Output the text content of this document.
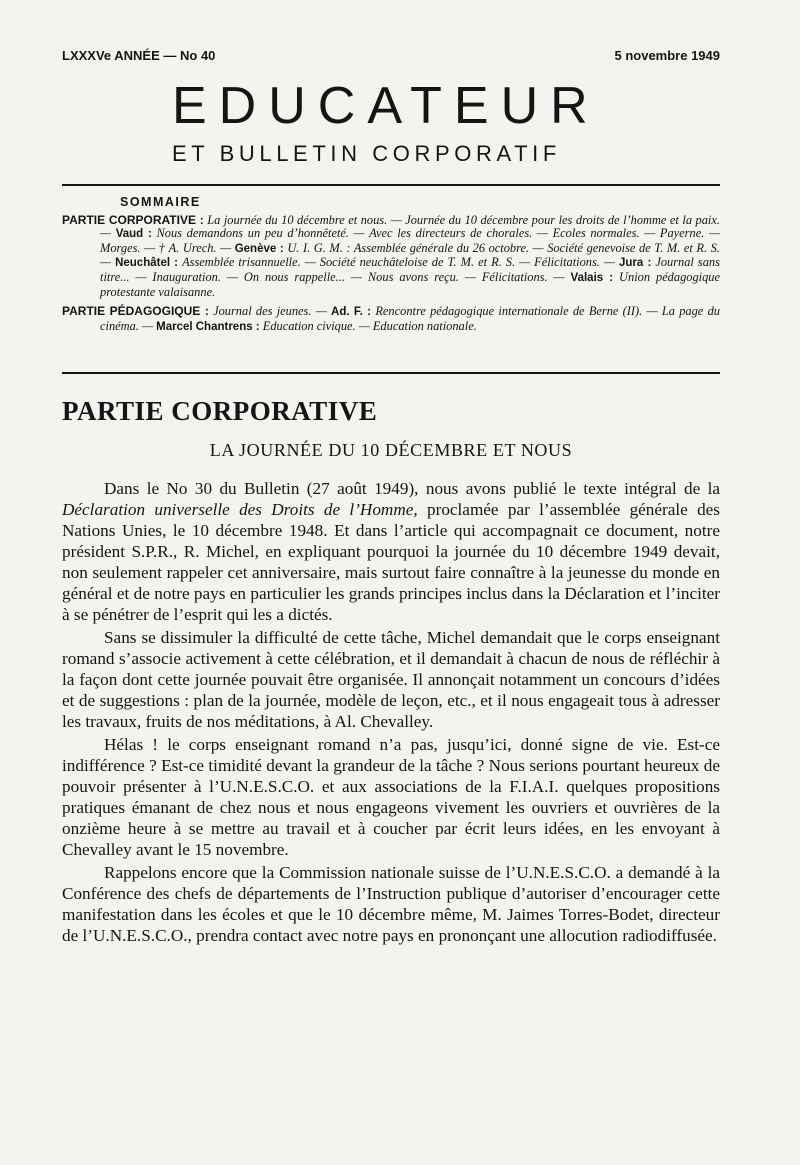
LXXXVe ANNÉE — No 40	5 novembre 1949
EDUCATEUR
ET BULLETIN CORPORATIF
SOMMAIRE

PARTIE CORPORATIVE : La journée du 10 décembre et nous. — Journée du 10 décembre pour les droits de l’homme et la paix. — Vaud : Nous demandons un peu d’honnêteté. — Avec les directeurs de chorales. — Ecoles normales. — Payerne. — Morges. — † A. Urech. — Genève : U. I. G. M. : Assemblée générale du 26 octobre. — Société genevoise de T. M. et R. S. — Neuchâtel : Assemblée trisannuelle. — Société neuchâteloise de T. M. et R. S. — Félicitations. — Jura : Journal sans titre... — Inauguration. — On nous rappelle... — Nous avons reçu. — Félicitations. — Valais : Union pédagogique protestante valaisanne.

PARTIE PÉDAGOGIQUE : Journal des jeunes. — Ad. F. : Rencontre pédagogique internationale de Berne (II). — La page du cinéma. — Marcel Chantrens : Education civique. — Education nationale.

PARTIE CORPORATIVE
LA JOURNÉE DU 10 DÉCEMBRE ET NOUS

Dans le No 30 du Bulletin (27 août 1949), nous avons publié le texte intégral de la Déclaration universelle des Droits de l’Homme, proclamée par l’assemblée générale des Nations Unies, le 10 décembre 1948. Et dans l’article qui accompagnait ce document, notre président S.P.R., R. Michel, en expliquant pourquoi la journée du 10 décembre 1949 devait, non seulement rappeler cet anniversaire, mais surtout faire connaître à la jeunesse du monde en général et de notre pays en particulier les grands principes inclus dans la Déclaration et l’inciter à se pénétrer de l’esprit qui les a dictés.

Sans se dissimuler la difficulté de cette tâche, Michel demandait que le corps enseignant romand s’associe activement à cette célébration, et il demandait à chacun de nous de réfléchir à la façon dont cette journée pouvait être organisée. Il annonçait notamment un concours d’idées et de suggestions : plan de la journée, modèle de leçon, etc., et il nous engageait tous à adresser les travaux, fruits de nos méditations, à Al. Chevalley.

Hélas ! le corps enseignant romand n’a pas, jusqu’ici, donné signe de vie. Est-ce indifférence ? Est-ce timidité devant la grandeur de la tâche ? Nous serions pourtant heureux de pouvoir présenter à l’U.N.E.S.C.O. et aux associations de la F.I.A.I. quelques propositions pratiques émanant de chez nous et nous engageons vivement les ouvriers et ouvrières de la onzième heure à se mettre au travail et à coucher par écrit leurs idées, en les envoyant à Chevalley avant le 15 novembre.

Rappelons encore que la Commission nationale suisse de l’U.N.E.S.C.O. a demandé à la Conférence des chefs de départements de l’Instruction publique d’autoriser d’encourager cette manifestation dans les écoles et que le 10 décembre même, M. Jaimes Torres-Bodet, directeur de l’U.N.E.S.C.O., prendra contact avec notre pays en prononçant une allocution radiodiffusée.
